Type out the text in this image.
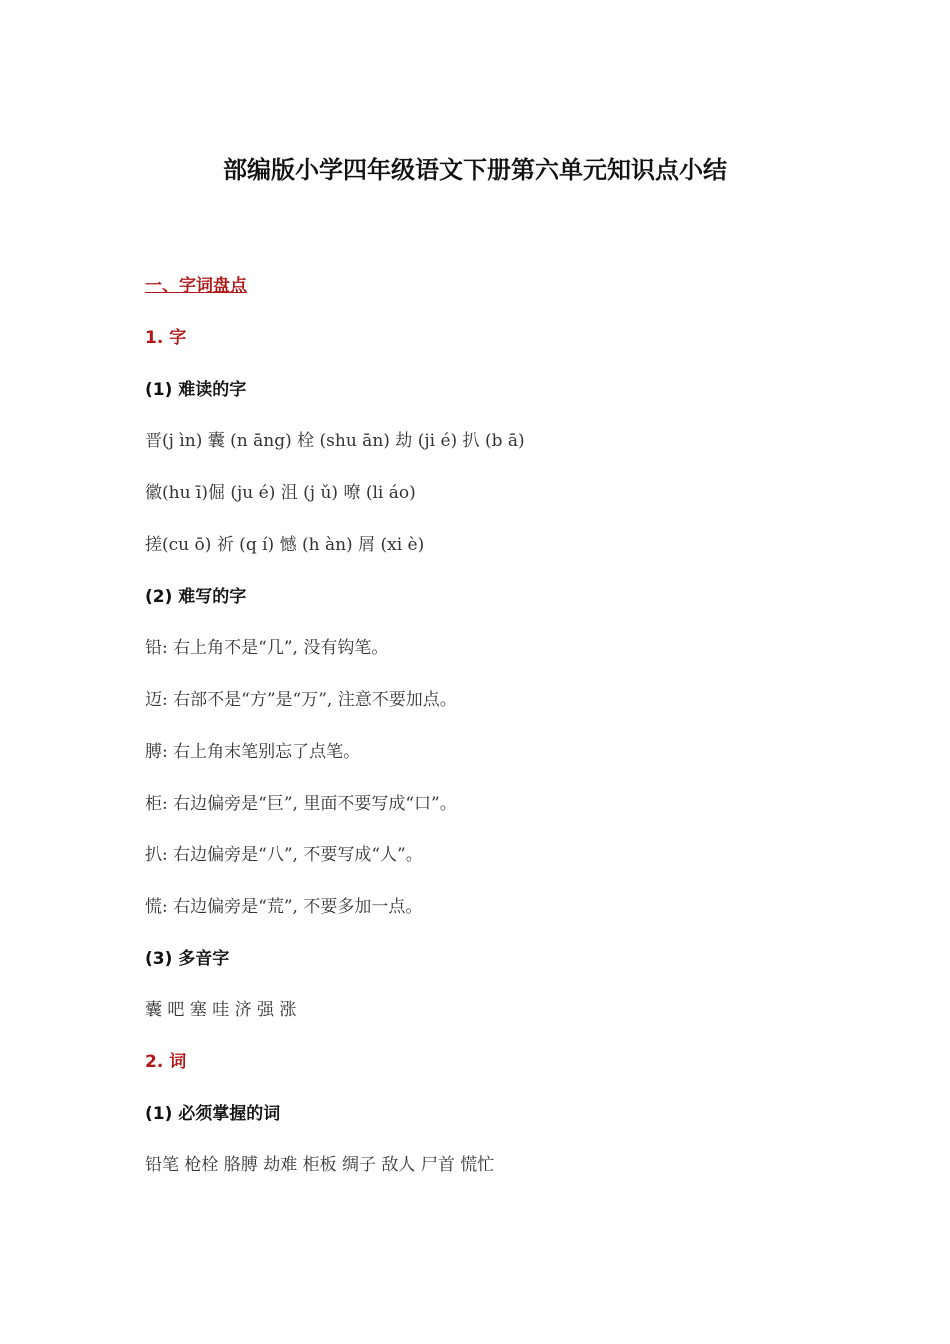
部编版小学四年级语文下册第六单元知识点小结
一、字词盘点
1. 字
(1) 难读的字
晋(j ìn) 囊 (n āng) 栓 (shu ān) 劫 (ji é) 扒 (b ā)
徽(hu ī)倔 (ju é) 沮 (j ǔ) 嘹 (li áo)
搓(cu ō) 祈 (q í) 憾 (h àn) 屑 (xi è)
(2) 难写的字
铅: 右上角不是“几”, 没有钩笔。
迈: 右部不是“方”是“万”, 注意不要加点。
膊: 右上角末笔别忘了点笔。
柜: 右边偏旁是“巨”, 里面不要写成“口”。
扒: 右边偏旁是“八”, 不要写成“人”。
慌: 右边偏旁是“荒”, 不要多加一点。
(3) 多音字
囊 吧 塞 哇 济 强 涨
2. 词
(1) 必须掌握的词
铅笔 枪栓 胳膊 劫难 柜板 绸子 敌人 尸首 慌忙
